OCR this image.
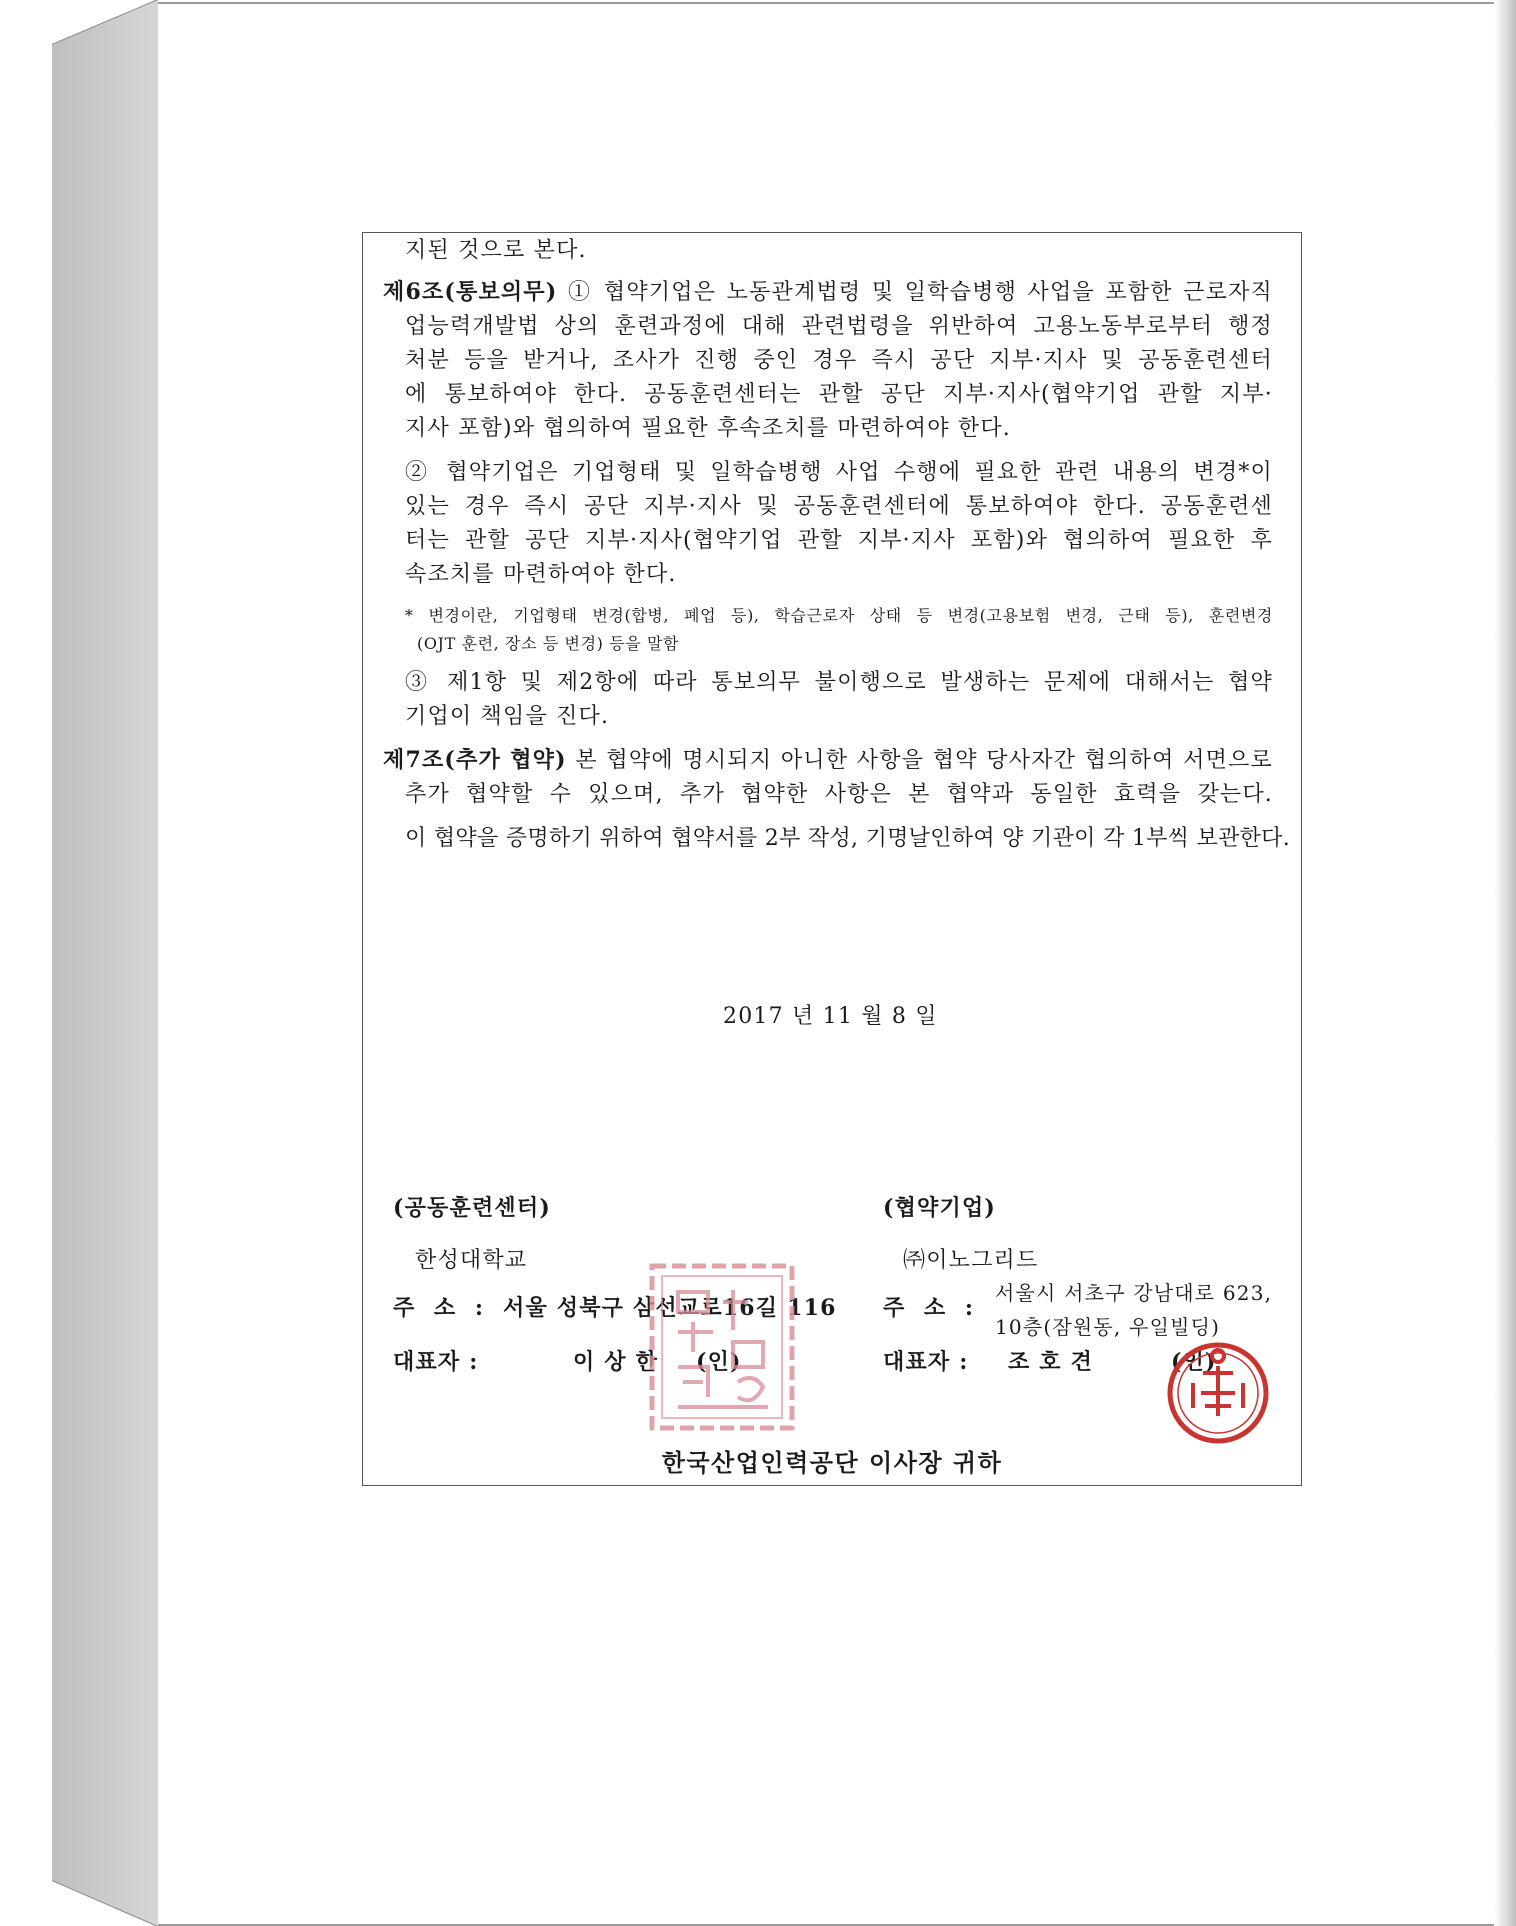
지된 것으로 본다.
제6조(통보의무) ① 협약기업은 노동관계법령 및 일학습병행 사업을 포함한 근로자직
업능력개발법 상의 훈련과정에 대해 관련법령을 위반하여 고용노동부로부터 행정
처분 등을 받거나, 조사가 진행 중인 경우 즉시 공단 지부·지사 및 공동훈련센터
에 통보하여야 한다. 공동훈련센터는 관할 공단 지부·지사(협약기업 관할 지부·
지사 포함)와 협의하여 필요한 후속조치를 마련하여야 한다.
② 협약기업은 기업형태 및 일학습병행 사업 수행에 필요한 관련 내용의 변경*이
있는 경우 즉시 공단 지부·지사 및 공동훈련센터에 통보하여야 한다. 공동훈련센
터는 관할 공단 지부·지사(협약기업 관할 지부·지사 포함)와 협의하여 필요한 후
속조치를 마련하여야 한다.
* 변경이란, 기업형태 변경(합병, 폐업 등), 학습근로자 상태 등 변경(고용보험 변경, 근태 등), 훈련변경
(OJT 훈련, 장소 등 변경) 등을 말함
③ 제1항 및 제2항에 따라 통보의무 불이행으로 발생하는 문제에 대해서는 협약
기업이 책임을 진다.
제7조(추가 협약) 본 협약에 명시되지 아니한 사항을 협약 당사자간 협의하여 서면으로
추가 협약할 수 있으며, 추가 협약한 사항은 본 협약과 동일한 효력을 갖는다.
이 협약을 증명하기 위하여 협약서를 2부 작성, 기명날인하여 양 기관이 각 1부씩 보관한다.
2017 년 11 월 8 일
(공동훈련센터)
한성대학교
주 소 : 서울 성북구 삼선교로16길 116
대표자 :	이 상 한 (인)
(협약기업)
㈜이노그리드
주 소 :
서울시 서초구 강남대로 623,
10층(잠원동, 우일빌딩)
대표자 : 조 호 견	(인)
한국산업인력공단 이사장 귀하
